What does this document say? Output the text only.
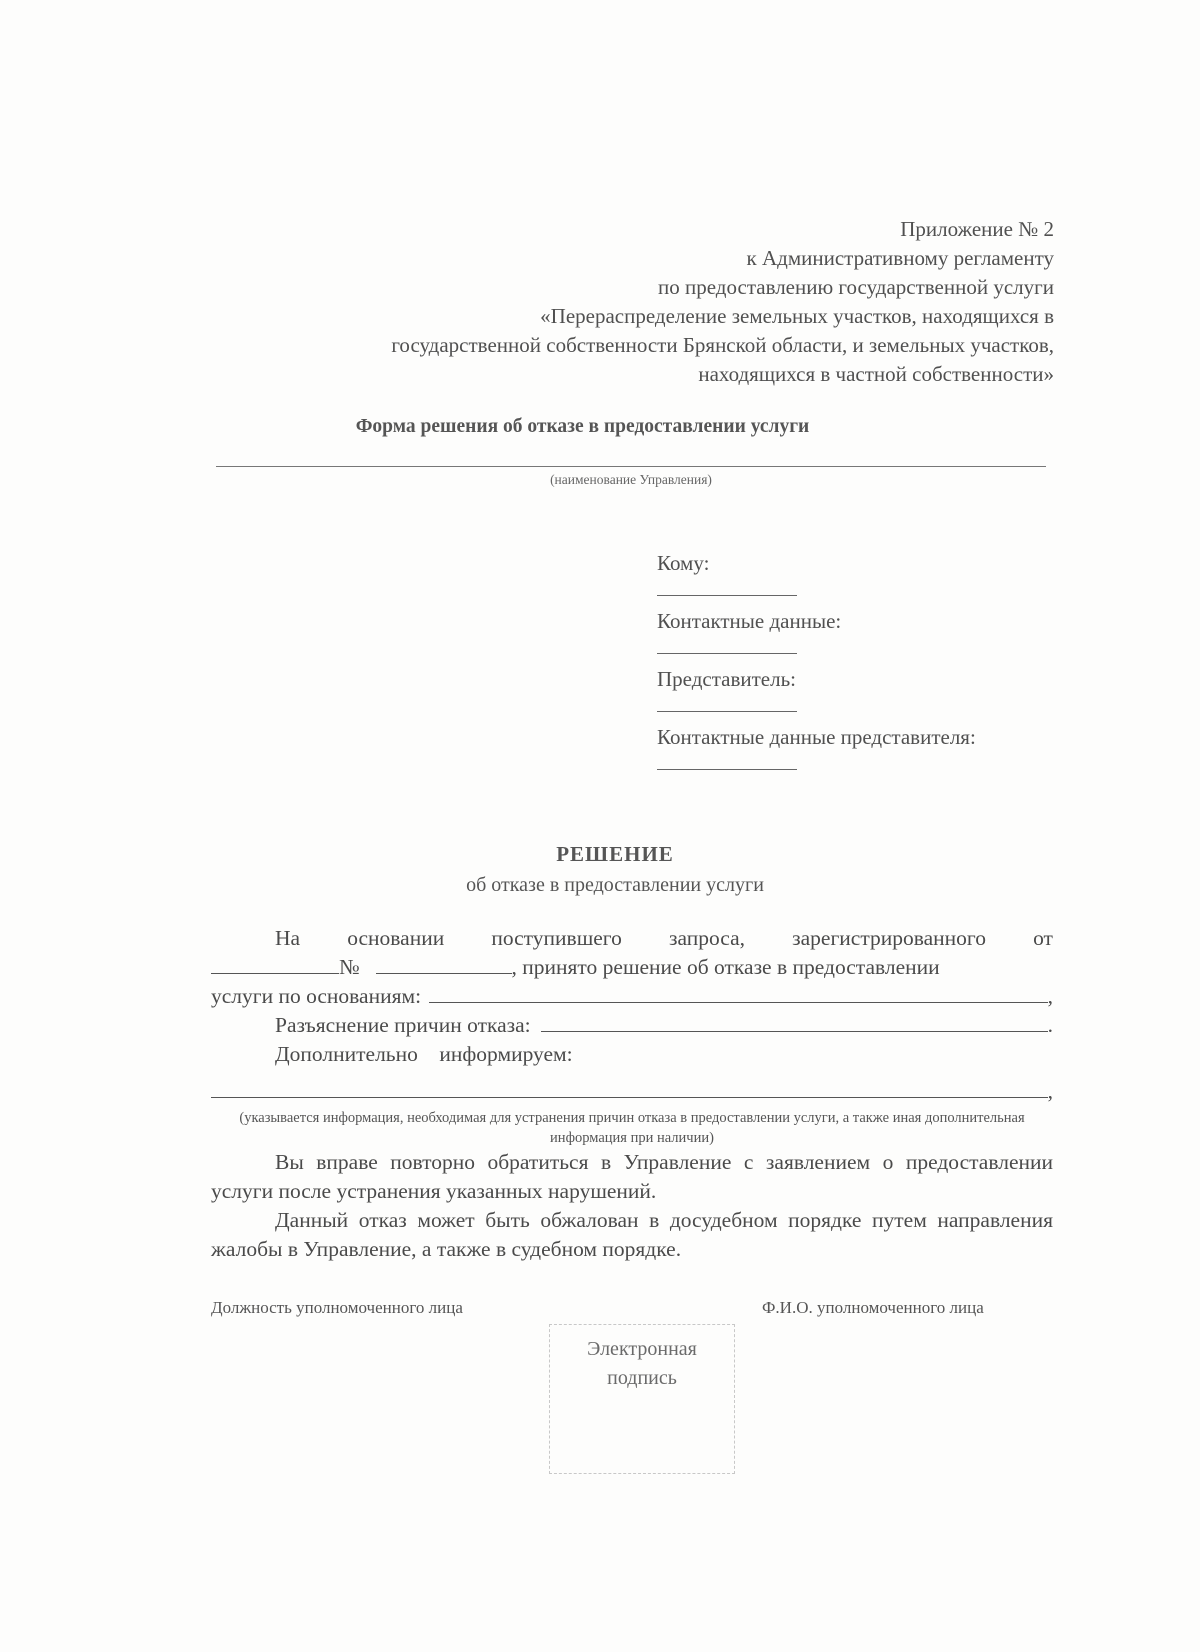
Приложение № 2
к Административному регламенту
по предоставлению государственной услуги
«Перераспределение земельных участков, находящихся в
государственной собственности Брянской области, и земельных участков,
находящихся в частной собственности»
Форма решения об отказе в предоставлении услуги
(наименование Управления)
Кому:
Контактные данные:
Представитель:
Контактные данные представителя:
РЕШЕНИЕ
об отказе в предоставлении услуги
На основании поступившего запроса, зарегистрированного от
№	, принято решение об отказе в предоставлении
услуги по основаниям:	,
Разъяснение причин отказа:	.
Дополнительно    информируем:
,
(указывается информация, необходимая для устранения причин отказа в предоставлении услуги, а также иная дополнительная информация при наличии)
Вы вправе повторно обратиться в Управление с заявлением о предоставлении услуги после устранения указанных нарушений.
Данный отказ может быть обжалован в досудебном порядке путем направления жалобы в Управление, а также в судебном порядке.
Должность уполномоченного лица	Ф.И.О. уполномоченного лица
Электронная
подпись
